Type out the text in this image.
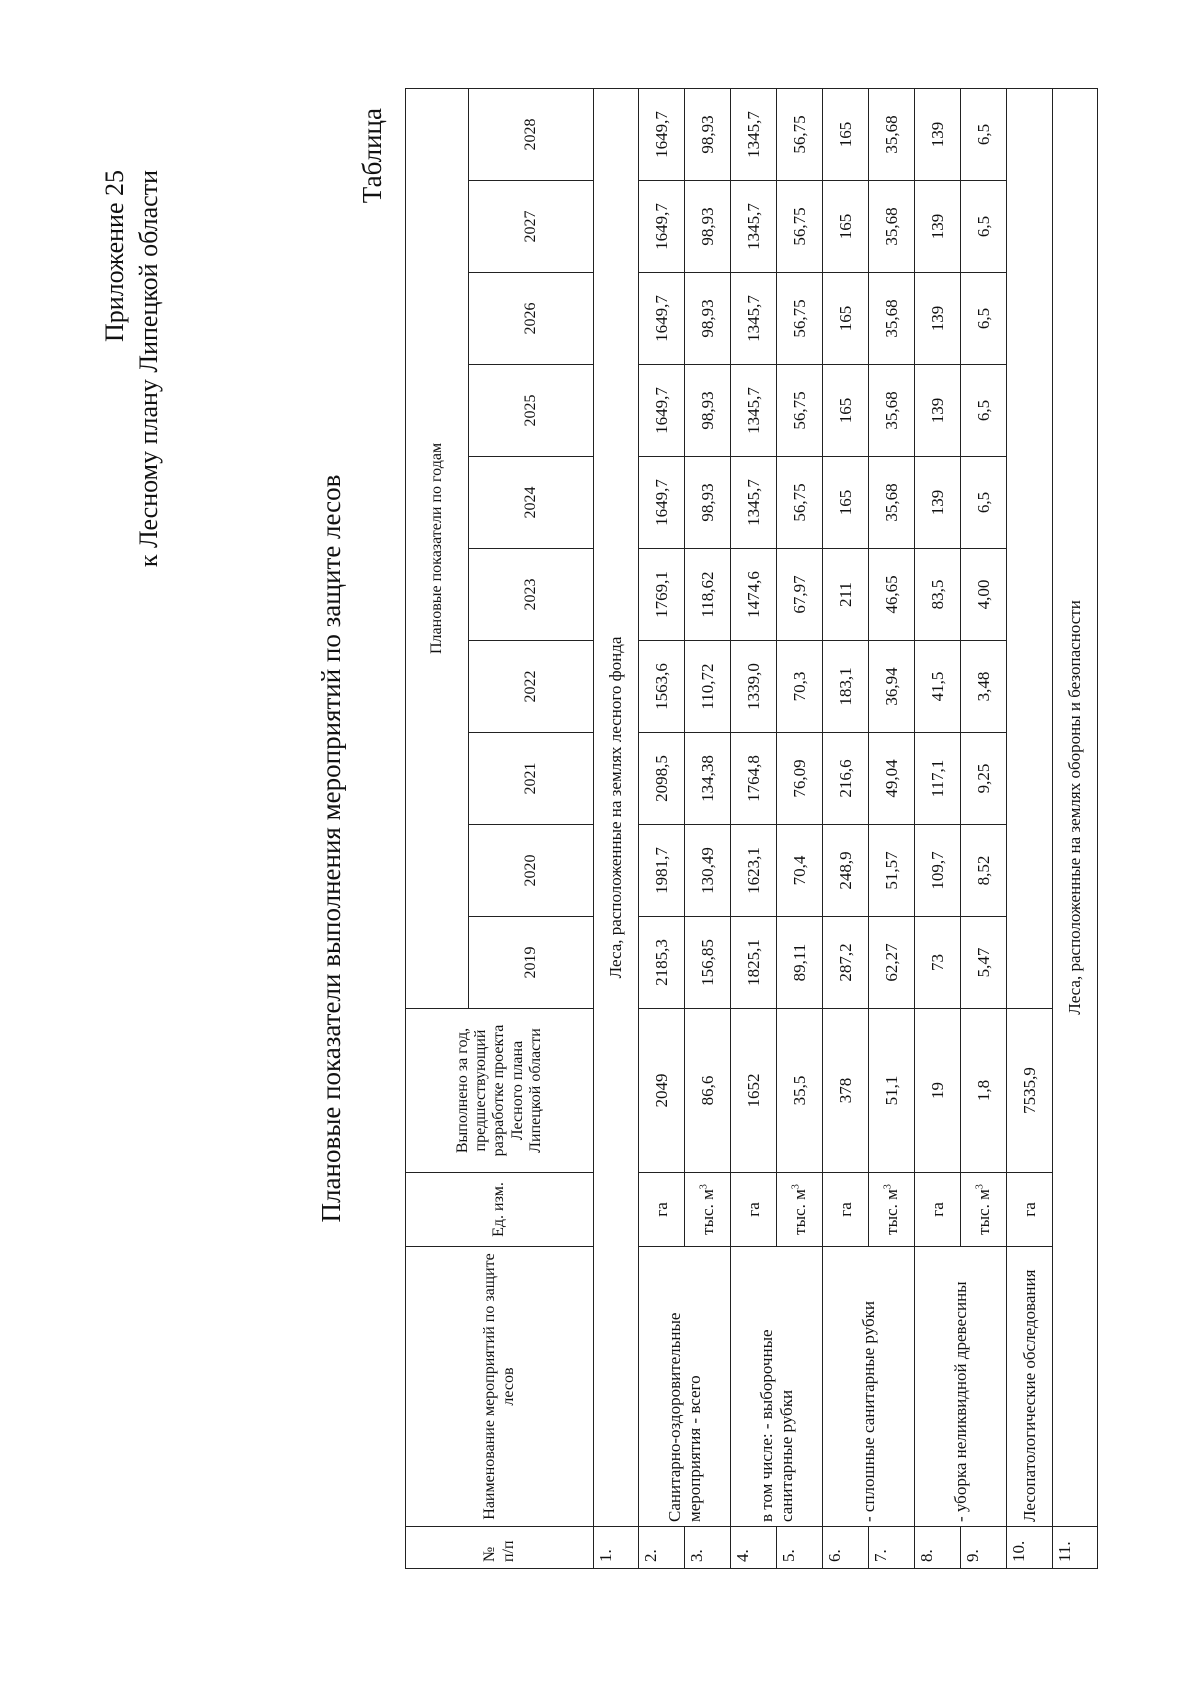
Приложение 25 к Лесному плану Липецкой области
Плановые показатели выполнения мероприятий по защите лесов
Таблица
№ п/п	Наименование мероприятий по защите лесов	Ед. изм.	Выполнено за год, предшествующий разработке проекта Лесного плана Липецкой области	Плановые показатели по годам									
				2019	2020	2021	2022	2023	2024	2025	2026	2027	2028
1.	Леса, расположенные на землях лесного фонда												
2.	Санитарно-оздоровительные мероприятия - всего	га	2049	2185,3	1981,7	2098,5	1563,6	1769,1	1649,7	1649,7	1649,7	1649,7	1649,7
3.		тыс. $м^3$	86,6	156,85	130,49	134,38	110,72	118,62	98,93	98,93	98,93	98,93	98,93
4.	в том числе: - выборочные санитарные рубки	га	1652	1825,1	1623,1	1764,8	1339,0	1474,6	1345,7	1345,7	1345,7	1345,7	1345,7
5.		тыс. $м^3$	35,5	89,11	70,4	76,09	70,3	67,97	56,75	56,75	56,75	56,75	56,75
6.	- сплошные санитарные рубки	га	378	287,2	248,9	216,6	183,1	211	165	165	165	165	165
7.		тыс. $м^3$	51,1	62,27	51,57	49,04	36,94	46,65	35,68	35,68	35,68	35,68	35,68
8.	- уборка неликвидной древесины	га	19	73	109,7	117,1	41,5	83,5	139	139	139	139	139
9.		тыс. $м^3$	1,8	5,47	8,52	9,25	3,48	4,00	6,5	6,5	6,5	6,5	6,5
10.	Лесопатологические обследования	га	7535,9										
11.	Леса, расположенные на землях обороны и безопасности												
